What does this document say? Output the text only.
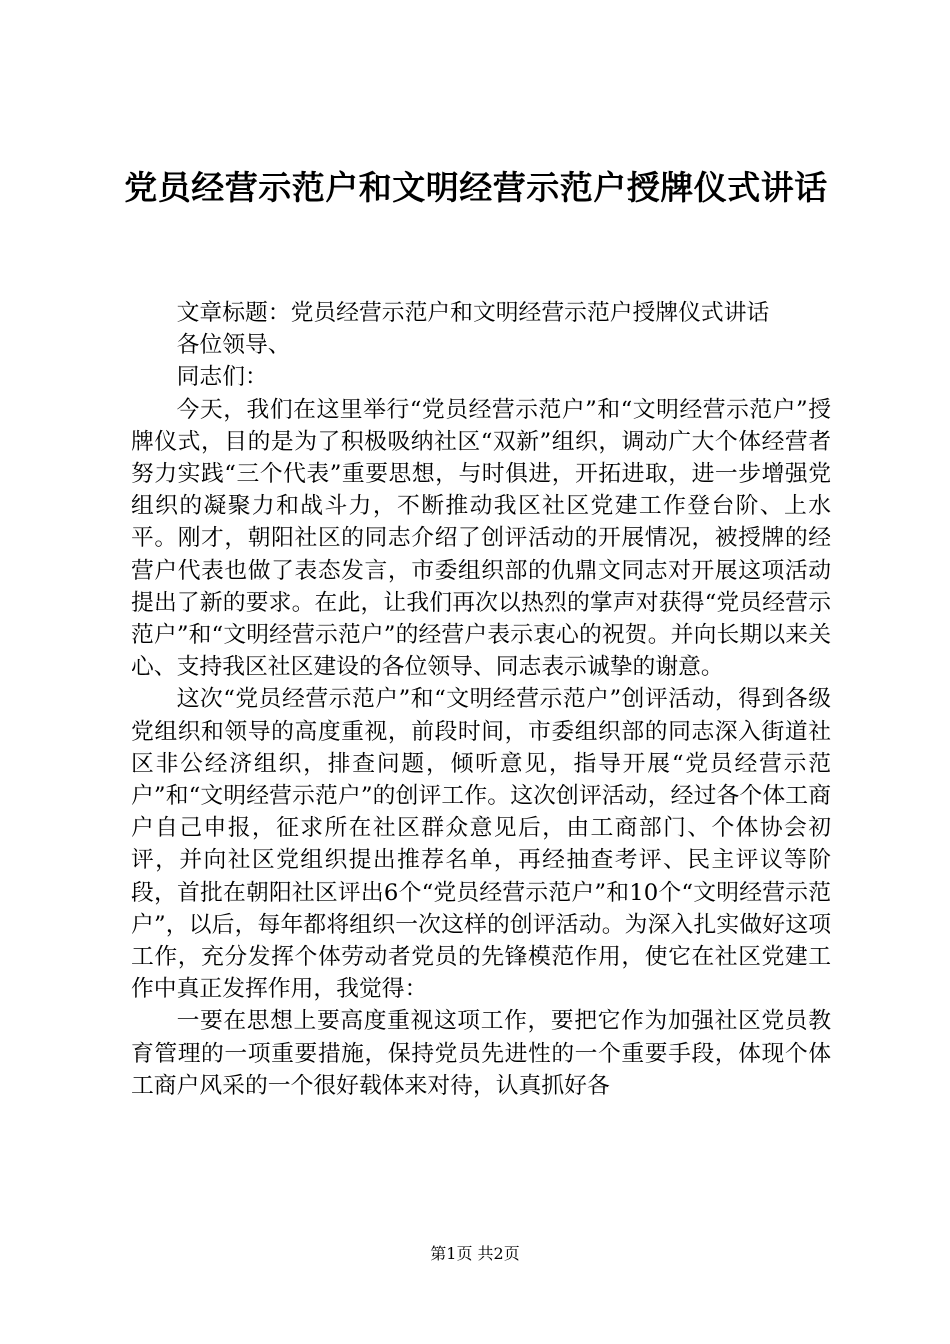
党员经营示范户和文明经营示范户授牌仪式讲话

文章标题：党员经营示范户和文明经营示范户授牌仪式讲话

各位领导、

同志们：

今天，我们在这里举行“党员经营示范户”和“文明经营示范户”授牌仪式，目的是为了积极吸纳社区“双新”组织，调动广大个体经营者努力实践“三个代表”重要思想，与时俱进，开拓进取，进一步增强党组织的凝聚力和战斗力，不断推动我区社区党建工作登台阶、上水平。刚才，朝阳社区的同志介绍了创评活动的开展情况，被授牌的经营户代表也做了表态发言，市委组织部的仇鼎文同志对开展这项活动提出了新的要求。在此，让我们再次以热烈的掌声对获得“党员经营示范户”和“文明经营示范户”的经营户表示衷心的祝贺。并向长期以来关心、支持我区社区建设的各位领导、同志表示诚挚的谢意。

这次“党员经营示范户”和“文明经营示范户”创评活动，得到各级党组织和领导的高度重视，前段时间，市委组织部的同志深入街道社区非公经济组织，排查问题，倾听意见，指导开展“党员经营示范户”和“文明经营示范户”的创评工作。这次创评活动，经过各个体工商户自己申报，征求所在社区群众意见后，由工商部门、个体协会初评，并向社区党组织提出推荐名单，再经抽查考评、民主评议等阶段，首批在朝阳社区评出6个“党员经营示范户”和10个“文明经营示范户”，以后，每年都将组织一次这样的创评活动。为深入扎实做好这项工作，充分发挥个体劳动者党员的先锋模范作用，使它在社区党建工作中真正发挥作用，我觉得：

一要在思想上要高度重视这项工作，要把它作为加强社区党员教育管理的一项重要措施，保持党员先进性的一个重要手段，体现个体工商户风采的一个很好载体来对待，认真抓好各

第1页 共2页
